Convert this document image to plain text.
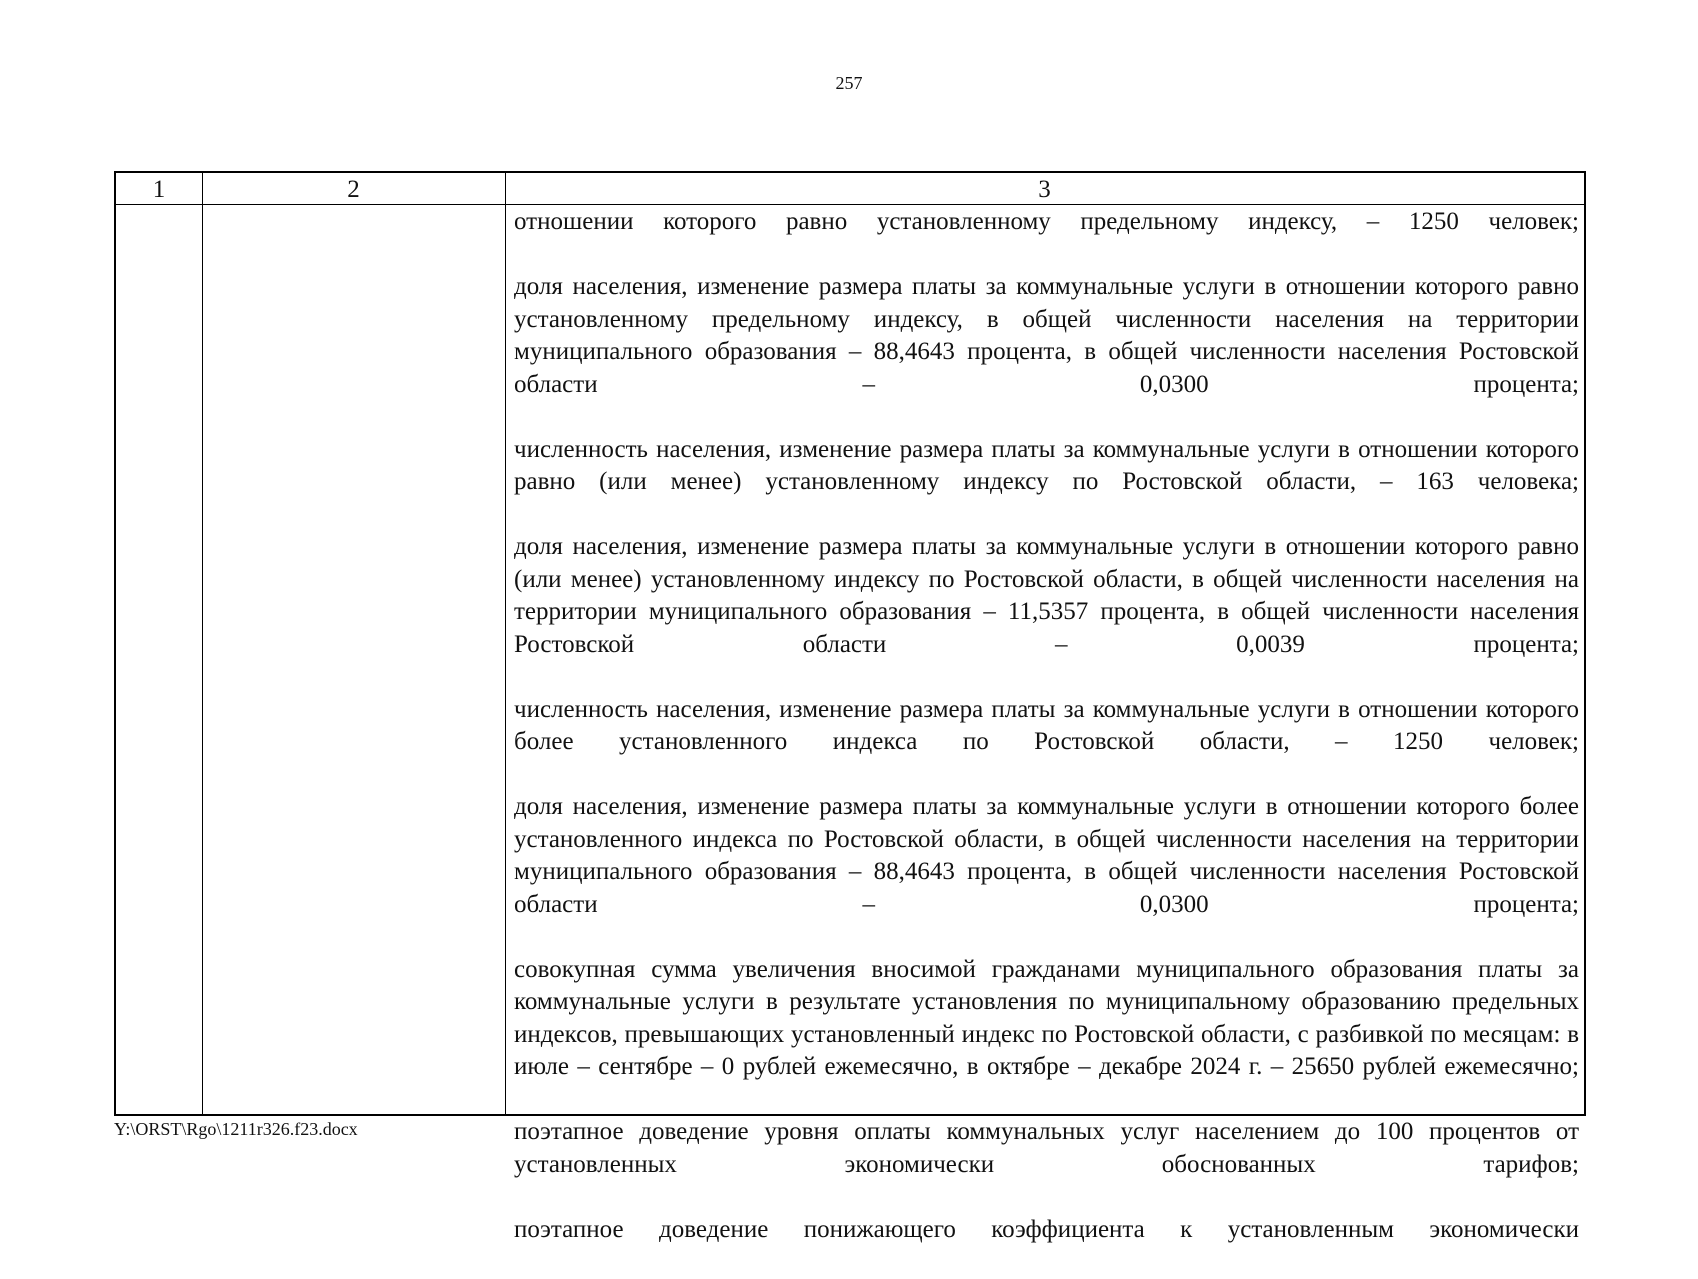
257
1	2	3

отношении которого равно установленному предельному индексу, – 1250 человек;

доля населения, изменение размера платы за коммунальные услуги в отношении которого равно установленному предельному индексу, в общей численности населения на территории муниципального образования – 88,4643 процента, в общей численности населения Ростовской области – 0,0300 процента;

численность населения, изменение размера платы за коммунальные услуги в отношении которого равно (или менее) установленному индексу по Ростовской области, – 163 человека;

доля населения, изменение размера платы за коммунальные услуги в отношении которого равно (или менее) установленному индексу по Ростовской области, в общей численности населения на территории муниципального образования – 11,5357 процента, в общей численности населения Ростовской области – 0,0039 процента;

численность населения, изменение размера платы за коммунальные услуги в отношении которого более установленного индекса по Ростовской области, – 1250 человек;

доля населения, изменение размера платы за коммунальные услуги в отношении которого более установленного индекса по Ростовской области, в общей численности населения на территории муниципального образования – 88,4643 процента, в общей численности населения Ростовской области – 0,0300 процента;

совокупная сумма увеличения вносимой гражданами муниципального образования платы за коммунальные услуги в результате установления по муниципальному образованию предельных индексов, превышающих установленный индекс по Ростовской области, с разбивкой по месяцам: в июле – сентябре – 0 рублей ежемесячно, в октябре – декабре 2024 г. – 25650 рублей ежемесячно;

поэтапное доведение уровня оплаты коммунальных услуг населением до 100 процентов от установленных экономически обоснованных тарифов;

поэтапное доведение понижающего коэффициента к установленным экономически

Y:\ORST\Rgo\1211r326.f23.docx
